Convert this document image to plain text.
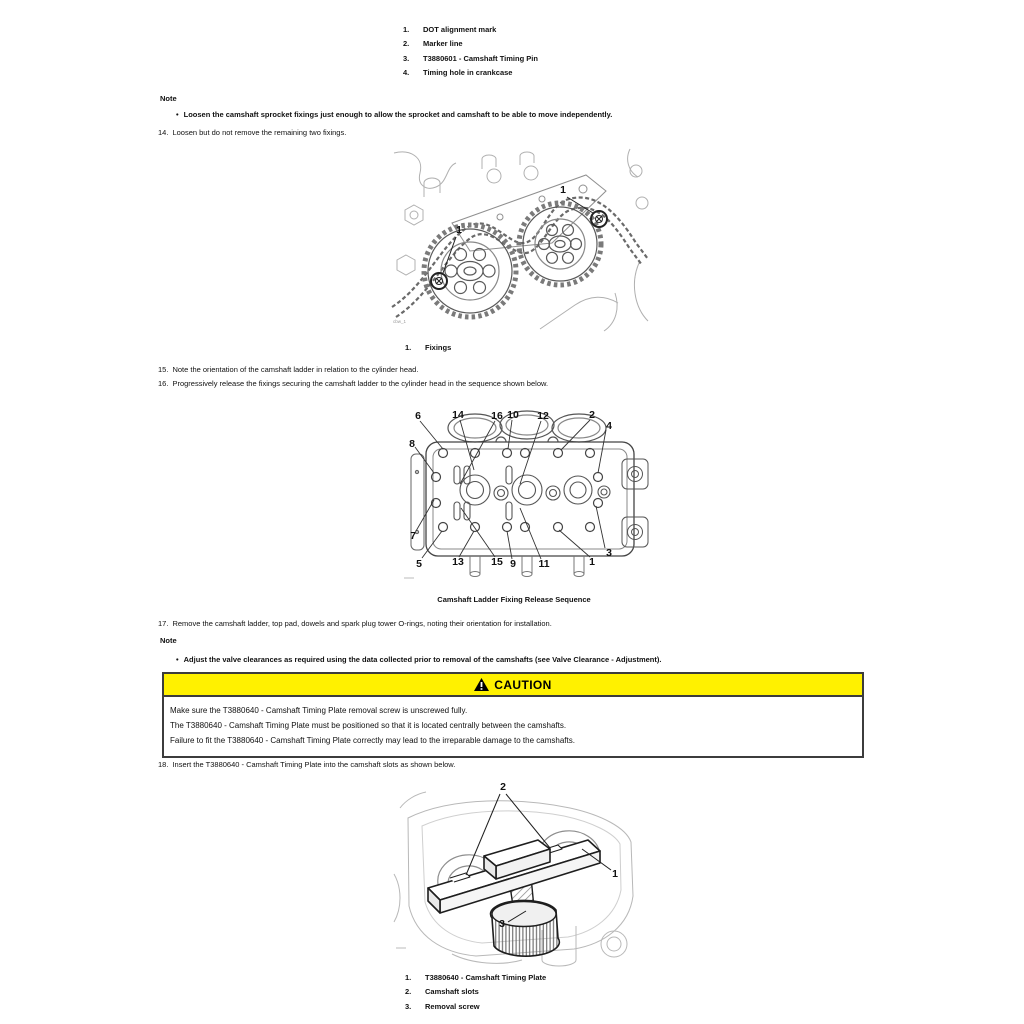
1.	DOT alignment mark
2.	Marker line
3.	T3880601 - Camshaft Timing Pin
4.	Timing hole in crankcase
Note
•
Loosen the camshaft sprocket fixings just enough to allow the sprocket and camshaft to be able to move independently.
14. Loosen but do not remove the remaining two fixings.
1
1
cbw_1
1.	Fixings
15. Note the orientation of the camshaft ladder in relation to the cylinder head.
16. Progressively release the fixings securing the camshaft ladder to the cylinder head in the sequence shown below.
6	14	16 10 12	2
4
8
7
5	13	15 9 11	1
3
Camshaft Ladder Fixing Release Sequence
17. Remove the camshaft ladder, top pad, dowels and spark plug tower O-rings, noting their orientation for installation.
Note
•
Adjust the valve clearances as required using the data collected prior to removal of the camshafts (see Valve Clearance - Adjustment).
CAUTION
Make sure the T3880640 - Camshaft Timing Plate removal screw is unscrewed fully.
The T3880640 - Camshaft Timing Plate must be positioned so that it is located centrally between the camshafts.
Failure to fit the T3880640 - Camshaft Timing Plate correctly may lead to the irreparable damage to the camshafts.
18. Insert the T3880640 - Camshaft Timing Plate into the camshaft slots as shown below.
2
1
3
1.	T3880640 - Camshaft Timing Plate
2.	Camshaft slots
3.	Removal screw
